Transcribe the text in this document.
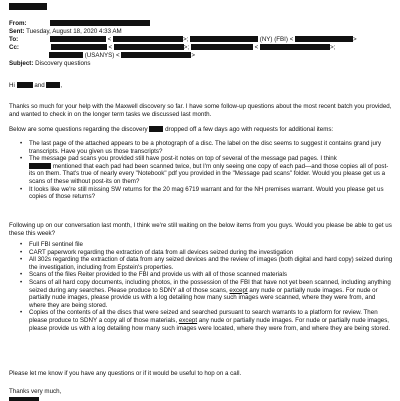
From:
Sent: Tuesday, August 18, 2020 4:33 AM
To:	<	>;	(NY) (FBI) <	>
Cc:	<	>;	<	>;
(USANYS) <	>
Subject: Discovery questions
Hi	and	,

Thanks so much for your help with the Maxwell discovery so far. I have some follow-up questions about the most recent batch you provided, and wanted to check in on the longer term tasks we discussed last month.

Below are some questions regarding the discovery	dropped off a few days ago with requests for additional items:

• The last page of the attached appears to be a photograph of a disc. The label on the disc seems to suggest it contains grand jury transcripts. Have you given us those transcripts?
• The message pad scans you provided still have post-it notes on top of several of the message pad pages. I think
mentioned that each pad had been scanned twice, but I'm only seeing one copy of each pad—and those copies all of post-its on them. That's true of nearly every "Notebook" pdf you provided in the "Message pad scans" folder. Would you please get us a scans of these without post-its on them?
• It looks like we're still missing SW returns for the 20 mag 6719 warrant and for the NH premises warrant. Would you please get us copies of those returns?

Following up on our conversation last month, I think we're still waiting on the below items from you guys. Would you please be able to get us these this week?

• Full FBI sentinel file
• CART paperwork regarding the extraction of data from all devices seized during the investigation
• All 302s regarding the extraction of data from any seized devices and the review of images (both digital and hard copy) seized during the investigation, including from Epstein's properties.
• Scans of the files Reiter provided to the FBI and provide us with all of those scanned materials
• Scans of all hard copy documents, including photos, in the possession of the FBI that have not yet been scanned, including anything seized during any searches. Please produce to SDNY all of those scans, except any nude or partially nude images. For nude or partially nude images, please provide us with a log detailing how many such images were scanned, where they were from, and where they are being stored.
• Copies of the contents of all the discs that were seized and searched pursuant to search warrants to a platform for review. Then please produce to SDNY a copy all of those materials, except any nude or partially nude images. For nude or partially nude images, please provide us with a log detailing how many such images were located, where they were from, and where they are being stored.

Please let me know if you have any questions or if it would be useful to hop on a call.

Thanks very much,
